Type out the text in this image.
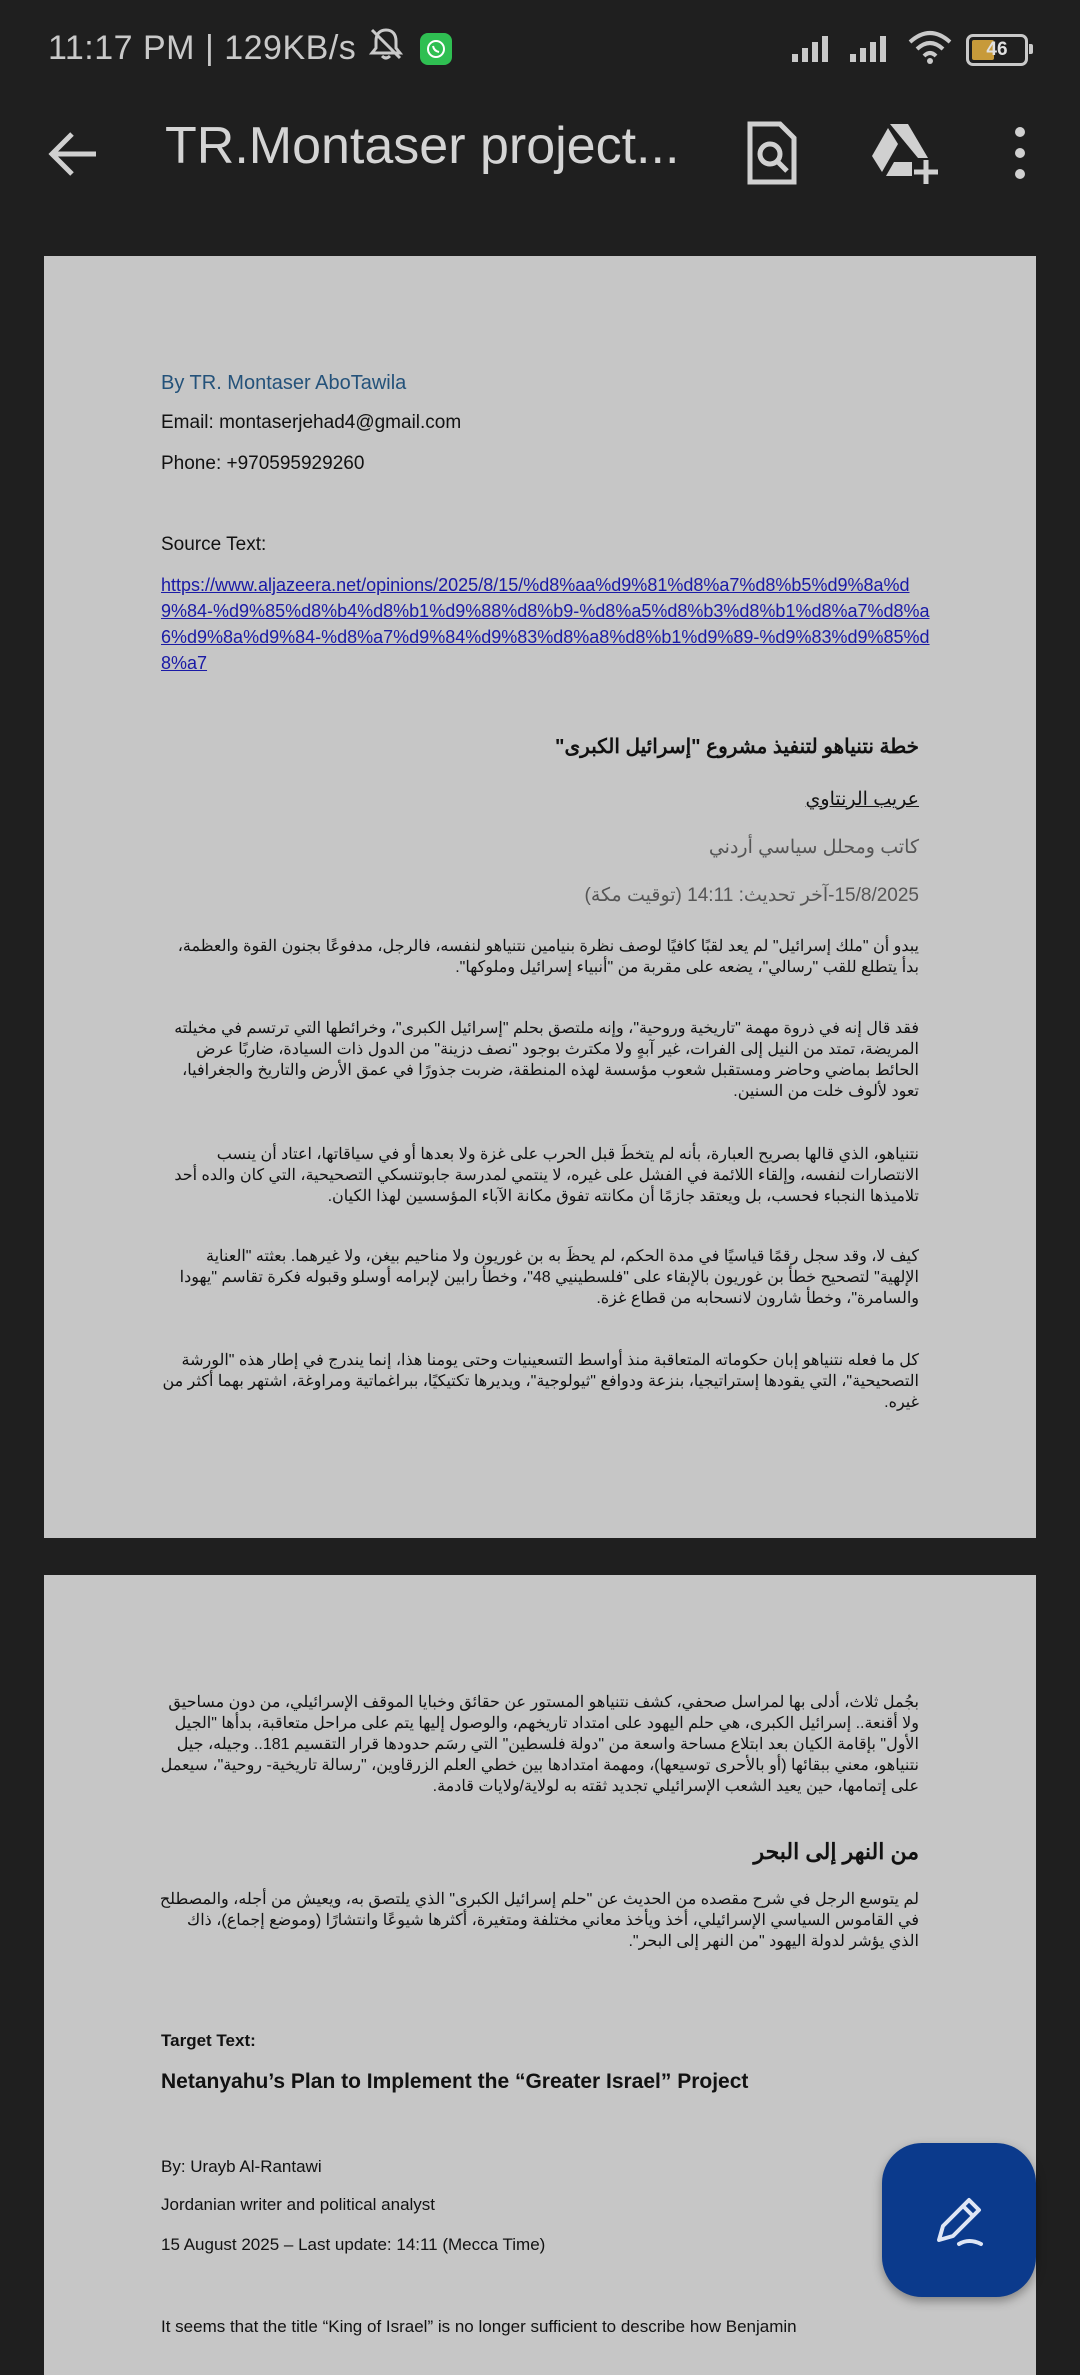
11:17 PM | 129KB/s	46
TR.Montaser project...
By TR. Montaser AboTawila
Email: montaserjehad4@gmail.com
Phone: +970595929260
Source Text:
https://www.aljazeera.net/opinions/2025/8/15/%d8%aa%d9%81%d8%a7%d8%b5%d9%8a%d9%84-%d9%85%d8%b4%d8%b1%d9%88%d8%b9-%d8%a5%d8%b3%d8%b1%d8%a7%d8%a6%d9%8a%d9%84-%d8%a7%d9%84%d9%83%d8%a8%d8%b1%d9%89-%d9%83%d9%85%d8%a7
خطة نتنياهو لتنفيذ مشروع "إسرائيل الكبرى"
عريب الرنتاوي
كاتب ومحلل سياسي أردني
15/8/2025-آخر تحديث: 14:11 (توقيت مكة)
يبدو أن "ملك إسرائيل" لم يعد لقبًا كافيًا لوصف نظرة بنيامين نتنياهو لنفسه، فالرجل، مدفوعًا بجنون القوة والعظمة، بدأ يتطلع للقب "رسالي"، يضعه على مقربة من "أنبياء إسرائيل وملوكها".
فقد قال إنه في ذروة مهمة "تاريخية وروحية"، وإنه ملتصق بحلم "إسرائيل الكبرى"، وخرائطها التي ترتسم في مخيلته المريضة، تمتد من النيل إلى الفرات، غير آبهٍ ولا مكترث بوجود "نصف دزينة" من الدول ذات السيادة، ضاربًا عرض الحائط بماضي وحاضر ومستقبل شعوب مؤسسة لهذه المنطقة، ضربت جذورًا في عمق الأرض والتاريخ والجغرافيا، تعود لألوف خلت من السنين.
نتنياهو، الذي قالها بصريح العبارة، بأنه لم يتخطَ قبل الحرب على غزة ولا بعدها أو في سياقاتها، اعتاد أن ينسب الانتصارات لنفسه، وإلقاء اللائمة في الفشل على غيره، لا ينتمي لمدرسة جابوتنسكي التصحيحية، التي كان والده أحد تلاميذها النجباء فحسب، بل ويعتقد جازمًا أن مكانته تفوق مكانة الآباء المؤسسين لهذا الكيان.
كيف لا، وقد سجل رقمًا قياسيًا في مدة الحكم، لم يحظَ به بن غوريون ولا مناحيم بيغن، ولا غيرهما. بعثته "العناية الإلهية" لتصحيح خطأ بن غوريون بالإبقاء على "فلسطينيي 48"، وخطأ رابين لإبرامه أوسلو وقبوله فكرة تقاسم "يهودا والسامرة"، وخطأ شارون لانسحابه من قطاع غزة.
كل ما فعله نتنياهو إبان حكوماته المتعاقبة منذ أواسط التسعينيات وحتى يومنا هذا، إنما يندرج في إطار هذه "الورشة التصحيحية"، التي يقودها إستراتيجيا، بنزعة ودوافع "ثيولوجية"، ويديرها تكتيكيًا، ببراغماتية ومراوغة، اشتهر بهما أكثر من غيره.
بجُمل ثلاث، أدلى بها لمراسل صحفي، كشف نتنياهو المستور عن حقائق وخبايا الموقف الإسرائيلي، من دون مساحيق ولا أقنعة.. إسرائيل الكبرى، هي حلم اليهود على امتداد تاريخهم، والوصول إليها يتم على مراحل متعاقبة، بدأها "الجيل الأول" بإقامة الكيان بعد ابتلاع مساحة واسعة من "دولة فلسطين" التي رسَم حدودها قرار التقسيم 181.. وجيله، جيل نتنياهو، معني ببقائها (أو بالأحرى توسيعها)، ومهمة امتدادها بين خطي العلم الزرقاوين، "رسالة تاريخية- روحية"، سيعمل على إتمامها، حين يعيد الشعب الإسرائيلي تجديد ثقته به لولاية/ولايات قادمة.
من النهر إلى البحر
لم يتوسع الرجل في شرح مقصده من الحديث عن "حلم إسرائيل الكبرى" الذي يلتصق به، ويعيش من أجله، والمصطلح في القاموس السياسي الإسرائيلي، أخذ ويأخذ معاني مختلفة ومتغيرة، أكثرها شيوعًا وانتشارًا (وموضع إجماع)، ذاك الذي يؤشر لدولة اليهود "من النهر إلى البحر".
Target Text:
Netanyahu’s Plan to Implement the “Greater Israel” Project
By: Urayb Al-Rantawi
Jordanian writer and political analyst
15 August 2025 – Last update: 14:11 (Mecca Time)
It seems that the title “King of Israel” is no longer sufficient to describe how Benjamin
